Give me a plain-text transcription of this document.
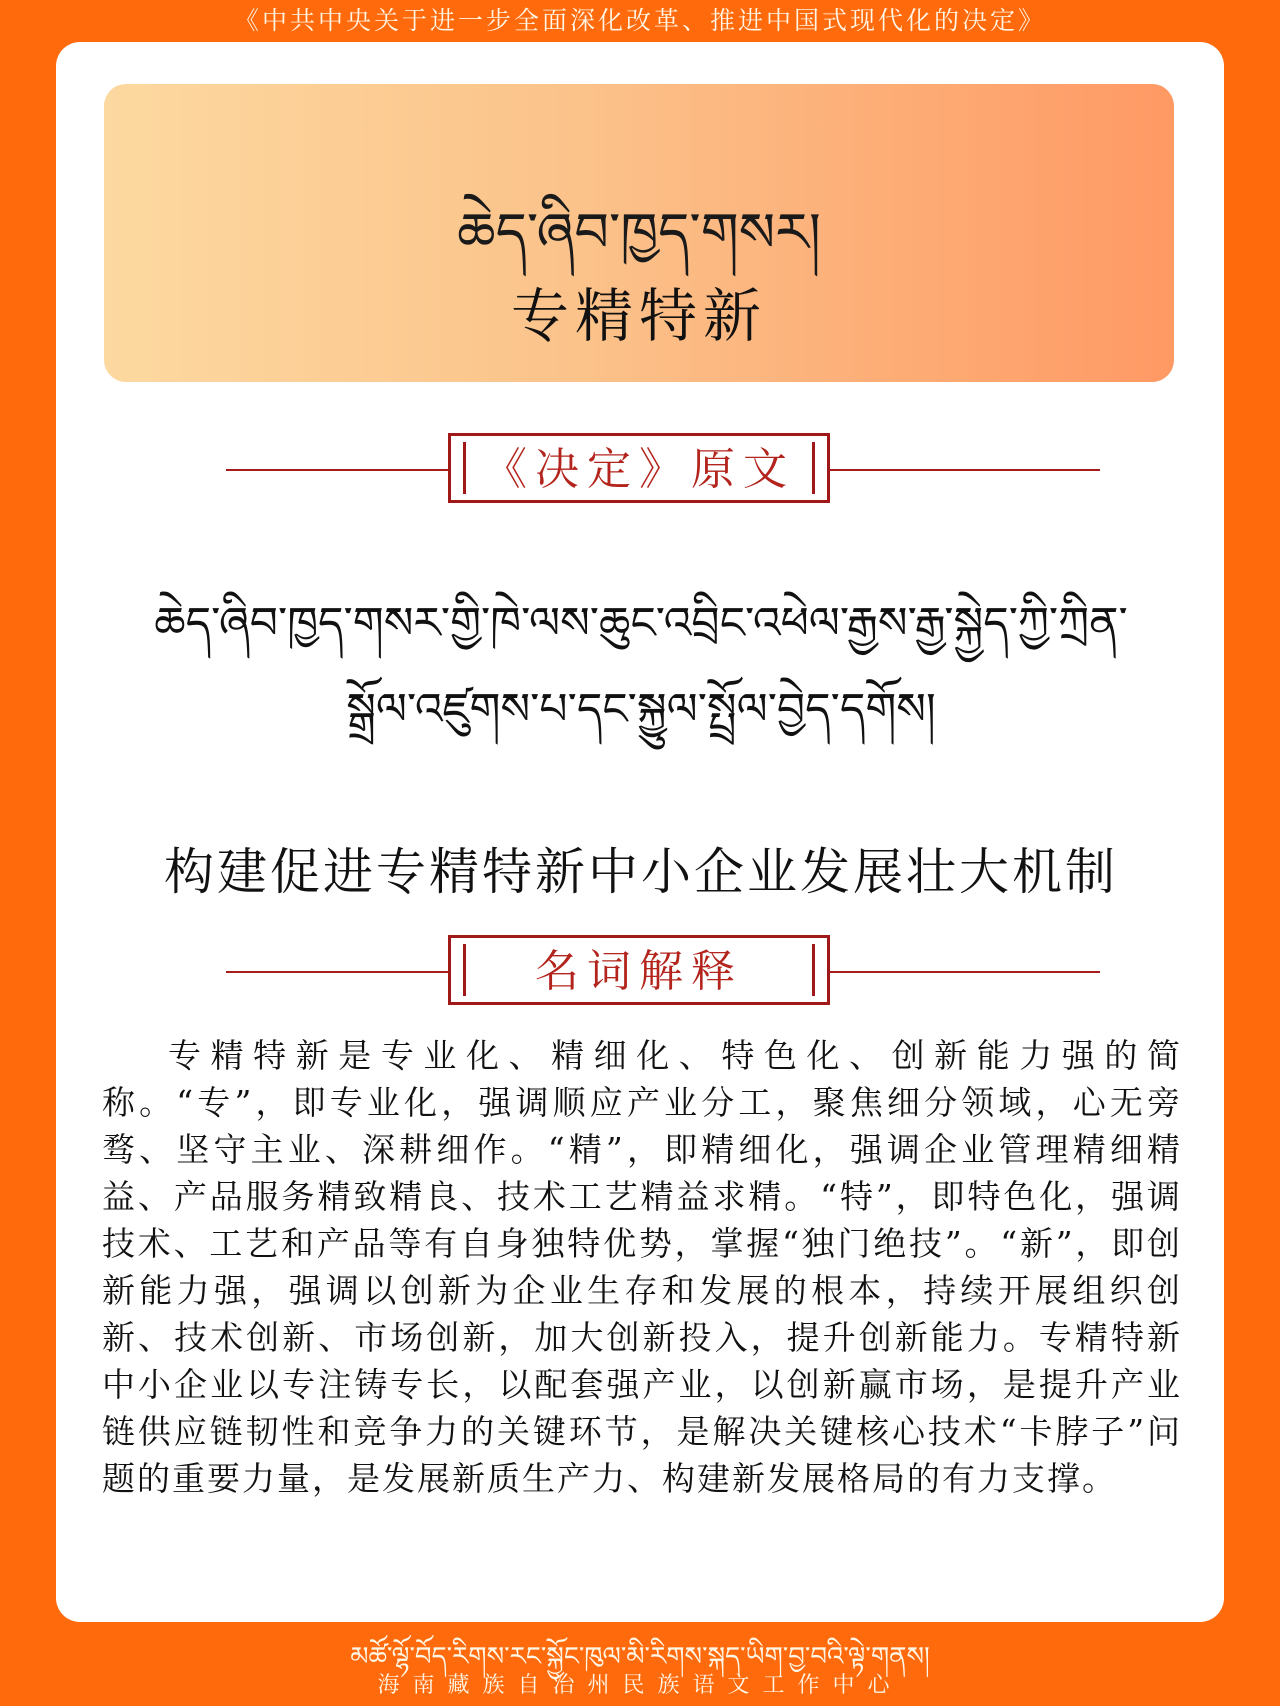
《中共中央关于进一步全面深化改革、推进中国式现代化的决定》
ཆེད་ཞིབ་ཁྱད་གསར།
专精特新
《决定》原文
ཆེད་ཞིབ་ཁྱད་གསར་གྱི་ཁེ་ལས་ཆུང་འབྲིང་འཕེལ་རྒྱས་རྒྱ་སྐྱེད་ཀྱི་ཀྲིན་
སྒྲོལ་འཛུགས་པ་དང་སྐྱུལ་སྤྲོལ་བྱེད་དགོས།
构建促进专精特新中小企业发展壮大机制
名词解释
专精特新是专业化、精细化、特色化、创新能力强的简称。“专”，即专业化，强调顺应产业分工，聚焦细分领域，心无旁骛、坚守主业、深耕细作。“精”，即精细化，强调企业管理精细精益、产品服务精致精良、技术工艺精益求精。“特”，即特色化，强调技术、工艺和产品等有自身独特优势，掌握“独门绝技”。“新”，即创新能力强，强调以创新为企业生存和发展的根本，持续开展组织创新、技术创新、市场创新，加大创新投入，提升创新能力。专精特新中小企业以专注铸专长，以配套强产业，以创新赢市场，是提升产业链供应链韧性和竞争力的关键环节，是解决关键核心技术“卡脖子”问题的重要力量，是发展新质生产力、构建新发展格局的有力支撑。
མཚོ་ལྷོ་བོད་རིགས་རང་སྐྱོང་ཁུལ་མི་རིགས་སྐད་ཡིག་བྱ་བའི་ལྟེ་གནས།
海南藏族自治州民族语文工作中心
